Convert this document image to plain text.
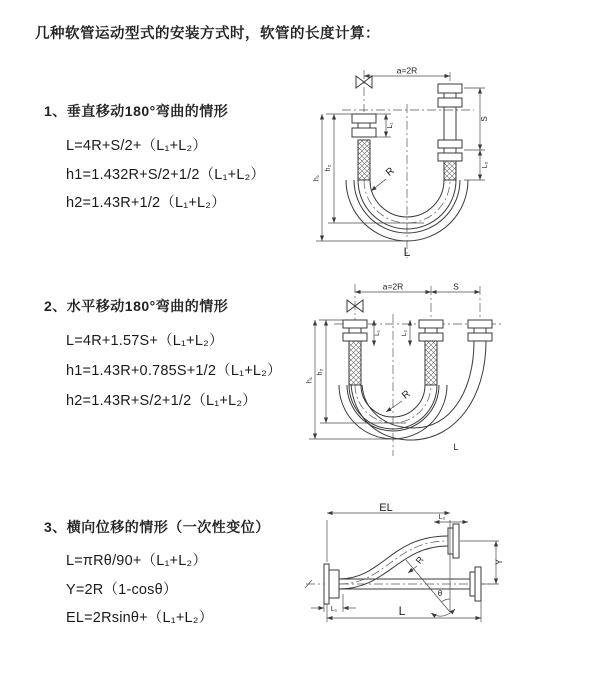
几种软管运动型式的安装方式时，软管的长度计算：
1、垂直移动180°弯曲的情形
L=4R+S/2+（L₁+L₂）
h1=1.432R+S/2+1/2（L₁+L₂）
h2=1.43R+1/2（L₁+L₂）
a=2R
L₁
S
L₂
h₂
h₁	R
L
2、水平移动180°弯曲的情形
L=4R+1.57S+（L₁+L₂）
h1=1.43R+0.785S+1/2（L₁+L₂）
h2=1.43R+S/2+1/2（L₁+L₂）
a=2R	S
L₁	L₂
h₂
h₁
R
L
3、横向位移的情形（一次性变位）
L=πRθ/90+（L₁+L₂）
Y=2R（1-cosθ）
EL=2Rsinθ+（L₁+L₂）
EL
L₂
Y
θ
R
L₁	L
